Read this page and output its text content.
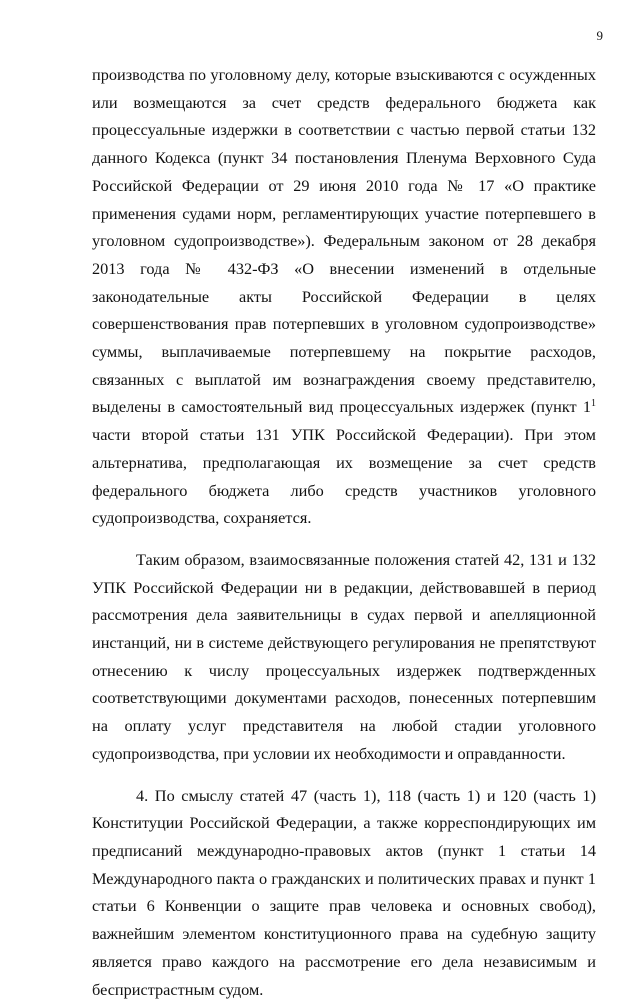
9

производства по уголовному делу, которые взыскиваются с осужденных или возмещаются за счет средств федерального бюджета как процессуальные издержки в соответствии с частью первой статьи 132 данного Кодекса (пункт 34 постановления Пленума Верховного Суда Российской Федерации от 29 июня 2010 года № 17 «О практике применения судами норм, регламентирующих участие потерпевшего в уголовном судопроизводстве»). Федеральным законом от 28 декабря 2013 года № 432-ФЗ «О внесении изменений в отдельные законодательные акты Российской Федерации в целях совершенствования прав потерпевших в уголовном судопроизводстве» суммы, выплачиваемые потерпевшему на покрытие расходов, связанных с выплатой им вознаграждения своему представителю, выделены в самостоятельный вид процессуальных издержек (пункт $1^1$ части второй статьи 131 УПК Российской Федерации). При этом альтернатива, предполагающая их возмещение за счет средств федерального бюджета либо средств участников уголовного судопроизводства, сохраняется.

Таким образом, взаимосвязанные положения статей 42, 131 и 132 УПК Российской Федерации ни в редакции, действовавшей в период рассмотрения дела заявительницы в судах первой и апелляционной инстанций, ни в системе действующего регулирования не препятствуют отнесению к числу процессуальных издержек подтвержденных соответствующими документами расходов, понесенных потерпевшим на оплату услуг представителя на любой стадии уголовного судопроизводства, при условии их необходимости и оправданности.

4. По смыслу статей 47 (часть 1), 118 (часть 1) и 120 (часть 1) Конституции Российской Федерации, а также корреспондирующих им предписаний международно-правовых актов (пункт 1 статьи 14 Международного пакта о гражданских и политических правах и пункт 1 статьи 6 Конвенции о защите прав человека и основных свобод), важнейшим элементом конституционного права на судебную защиту является право каждого на рассмотрение его дела независимым и беспристрастным судом.
